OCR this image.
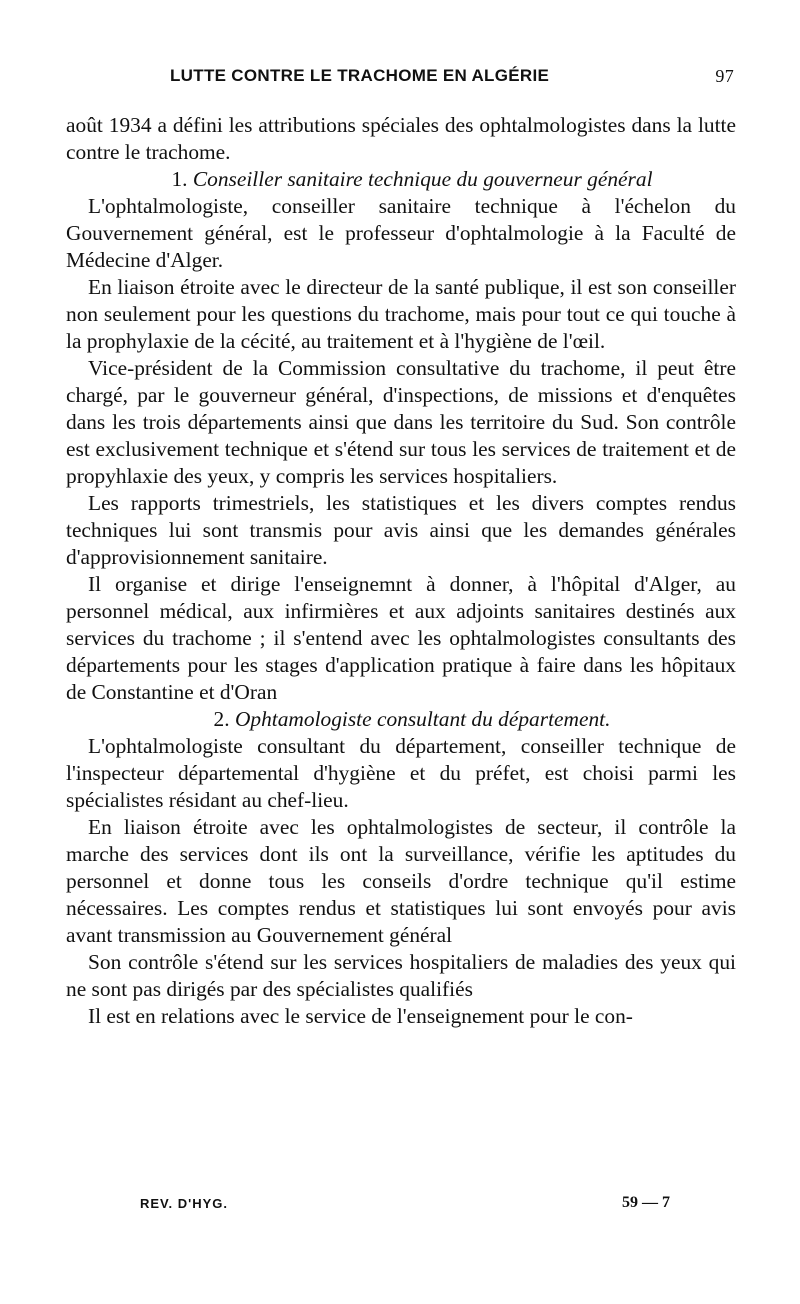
LUTTE CONTRE LE TRACHOME EN ALGÉRIE	97

août 1934 a défini les attributions spéciales des ophtalmologistes dans la lutte contre le trachome.

1. Conseiller sanitaire technique du gouverneur général

L'ophtalmologiste, conseiller sanitaire technique à l'échelon du Gouvernement général, est le professeur d'ophtalmologie à la Faculté de Médecine d'Alger.

En liaison étroite avec le directeur de la santé publique, il est son conseiller non seulement pour les questions du trachome, mais pour tout ce qui touche à la prophylaxie de la cécité, au traitement et à l'hygiène de l'œil.

Vice-président de la Commission consultative du trachome, il peut être chargé, par le gouverneur général, d'inspections, de missions et d'enquêtes dans les trois départements ainsi que dans les territoire du Sud. Son contrôle est exclusivement technique et s'étend sur tous les services de traitement et de propyhlaxie des yeux, y compris les services hospitaliers.

Les rapports trimestriels, les statistiques et les divers comptes rendus techniques lui sont transmis pour avis ainsi que les demandes générales d'approvisionnement sanitaire.

Il organise et dirige l'enseignemnt à donner, à l'hôpital d'Alger, au personnel médical, aux infirmières et aux adjoints sanitaires destinés aux services du trachome ; il s'entend avec les ophtalmologistes consultants des départements pour les stages d'application pratique à faire dans les hôpitaux de Constantine et d'Oran

2. Ophtamologiste consultant du département.

L'ophtalmologiste consultant du département, conseiller technique de l'inspecteur départemental d'hygiène et du préfet, est choisi parmi les spécialistes résidant au chef-lieu.

En liaison étroite avec les ophtalmologistes de secteur, il contrôle la marche des services dont ils ont la surveillance, vérifie les aptitudes du personnel et donne tous les conseils d'ordre technique qu'il estime nécessaires. Les comptes rendus et statistiques lui sont envoyés pour avis avant transmission au Gouvernement général

Son contrôle s'étend sur les services hospitaliers de maladies des yeux qui ne sont pas dirigés par des spécialistes qualifiés

Il est en relations avec le service de l'enseignement pour le con-

REV. D'HYG.	59 — 7
